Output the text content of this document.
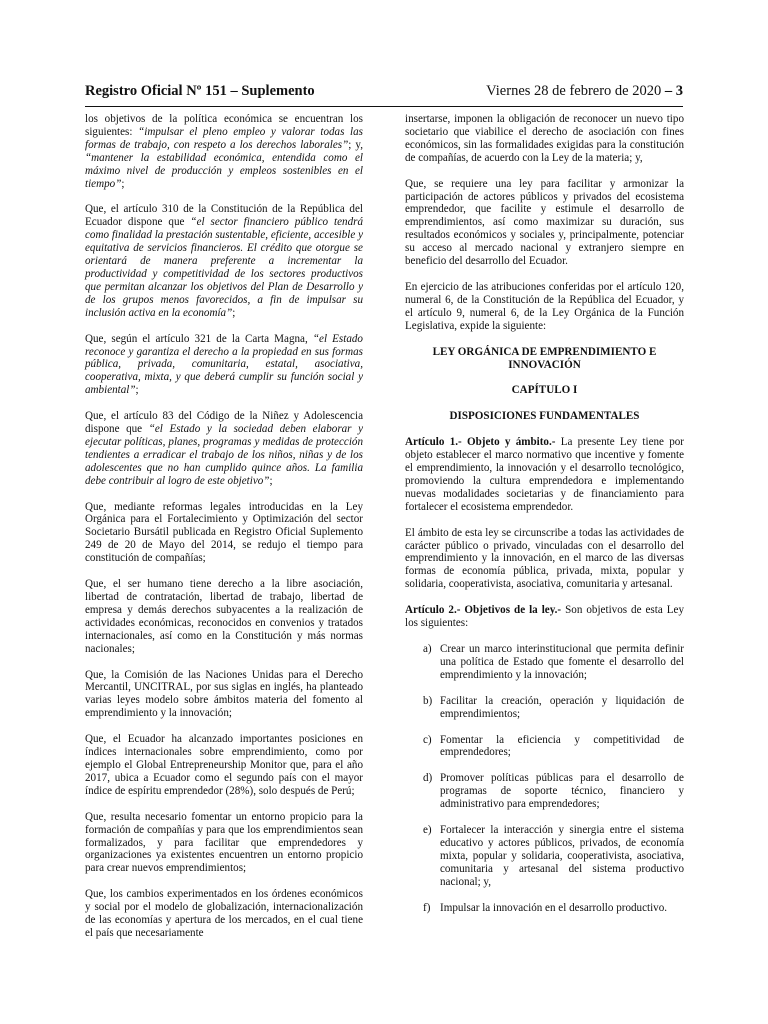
Registro Oficial Nº 151 – Suplemento	Viernes 28 de febrero de 2020 – 3

los objetivos de la política económica se encuentran los siguientes: “impulsar el pleno empleo y valorar todas las formas de trabajo, con respeto a los derechos laborales”; y, “mantener la estabilidad económica, entendida como el máximo nivel de producción y empleos sostenibles en el tiempo”;

Que, el artículo 310 de la Constitución de la República del Ecuador dispone que “el sector financiero público tendrá como finalidad la prestación sustentable, eficiente, accesible y equitativa de servicios financieros. El crédito que otorgue se orientará de manera preferente a incrementar la productividad y competitividad de los sectores productivos que permitan alcanzar los objetivos del Plan de Desarrollo y de los grupos menos favorecidos, a fin de impulsar su inclusión activa en la economía”;

Que, según el artículo 321 de la Carta Magna, “el Estado reconoce y garantiza el derecho a la propiedad en sus formas pública, privada, comunitaria, estatal, asociativa, cooperativa, mixta, y que deberá cumplir su función social y ambiental”;

Que, el artículo 83 del Código de la Niñez y Adolescencia dispone que “el Estado y la sociedad deben elaborar y ejecutar políticas, planes, programas y medidas de protección tendientes a erradicar el trabajo de los niños, niñas y de los adolescentes que no han cumplido quince años. La familia debe contribuir al logro de este objetivo”;

Que, mediante reformas legales introducidas en la Ley Orgánica para el Fortalecimiento y Optimización del sector Societario Bursátil publicada en Registro Oficial Suplemento 249 de 20 de Mayo del 2014, se redujo el tiempo para constitución de compañías;

Que, el ser humano tiene derecho a la libre asociación, libertad de contratación, libertad de trabajo, libertad de empresa y demás derechos subyacentes a la realización de actividades económicas, reconocidos en convenios y tratados internacionales, así como en la Constitución y más normas nacionales;

Que, la Comisión de las Naciones Unidas para el Derecho Mercantil, UNCITRAL, por sus siglas en inglés, ha planteado varias leyes modelo sobre ámbitos materia del fomento al emprendimiento y la innovación;

Que, el Ecuador ha alcanzado importantes posiciones en índices internacionales sobre emprendimiento, como por ejemplo el Global Entrepreneurship Monitor que, para el año 2017, ubica a Ecuador como el segundo país con el mayor índice de espíritu emprendedor (28%), solo después de Perú;

Que, resulta necesario fomentar un entorno propicio para la formación de compañías y para que los emprendimientos sean formalizados, y para facilitar que emprendedores y organizaciones ya existentes encuentren un entorno propicio para crear nuevos emprendimientos;

Que, los cambios experimentados en los órdenes económicos y social por el modelo de globalización, internacionalización de las economías y apertura de los mercados, en el cual tiene el país que necesariamente

insertarse, imponen la obligación de reconocer un nuevo tipo societario que viabilice el derecho de asociación con fines económicos, sin las formalidades exigidas para la constitución de compañías, de acuerdo con la Ley de la materia; y,

Que, se requiere una ley para facilitar y armonizar la participación de actores públicos y privados del ecosistema emprendedor, que facilite y estimule el desarrollo de emprendimientos, así como maximizar su duración, sus resultados económicos y sociales y, principalmente, potenciar su acceso al mercado nacional y extranjero siempre en beneficio del desarrollo del Ecuador.

En ejercicio de las atribuciones conferidas por el artículo 120, numeral 6, de la Constitución de la República del Ecuador, y el artículo 9, numeral 6, de la Ley Orgánica de la Función Legislativa, expide la siguiente:

LEY ORGÁNICA DE EMPRENDIMIENTO E INNOVACIÓN
CAPÍTULO I
DISPOSICIONES FUNDAMENTALES

Artículo 1.- Objeto y ámbito.- La presente Ley tiene por objeto establecer el marco normativo que incentive y fomente el emprendimiento, la innovación y el desarrollo tecnológico, promoviendo la cultura emprendedora e implementando nuevas modalidades societarias y de financiamiento para fortalecer el ecosistema emprendedor.

El ámbito de esta ley se circunscribe a todas las actividades de carácter público o privado, vinculadas con el desarrollo del emprendimiento y la innovación, en el marco de las diversas formas de economía pública, privada, mixta, popular y solidaria, cooperativista, asociativa, comunitaria y artesanal.

Artículo 2.- Objetivos de la ley.- Son objetivos de esta Ley los siguientes:

a) Crear un marco interinstitucional que permita definir una política de Estado que fomente el desarrollo del emprendimiento y la innovación;
b) Facilitar la creación, operación y liquidación de emprendimientos;
c) Fomentar la eficiencia y competitividad de emprendedores;
d) Promover políticas públicas para el desarrollo de programas de soporte técnico, financiero y administrativo para emprendedores;
e) Fortalecer la interacción y sinergia entre el sistema educativo y actores públicos, privados, de economía mixta, popular y solidaria, cooperativista, asociativa, comunitaria y artesanal del sistema productivo nacional; y,
f) Impulsar la innovación en el desarrollo productivo.
